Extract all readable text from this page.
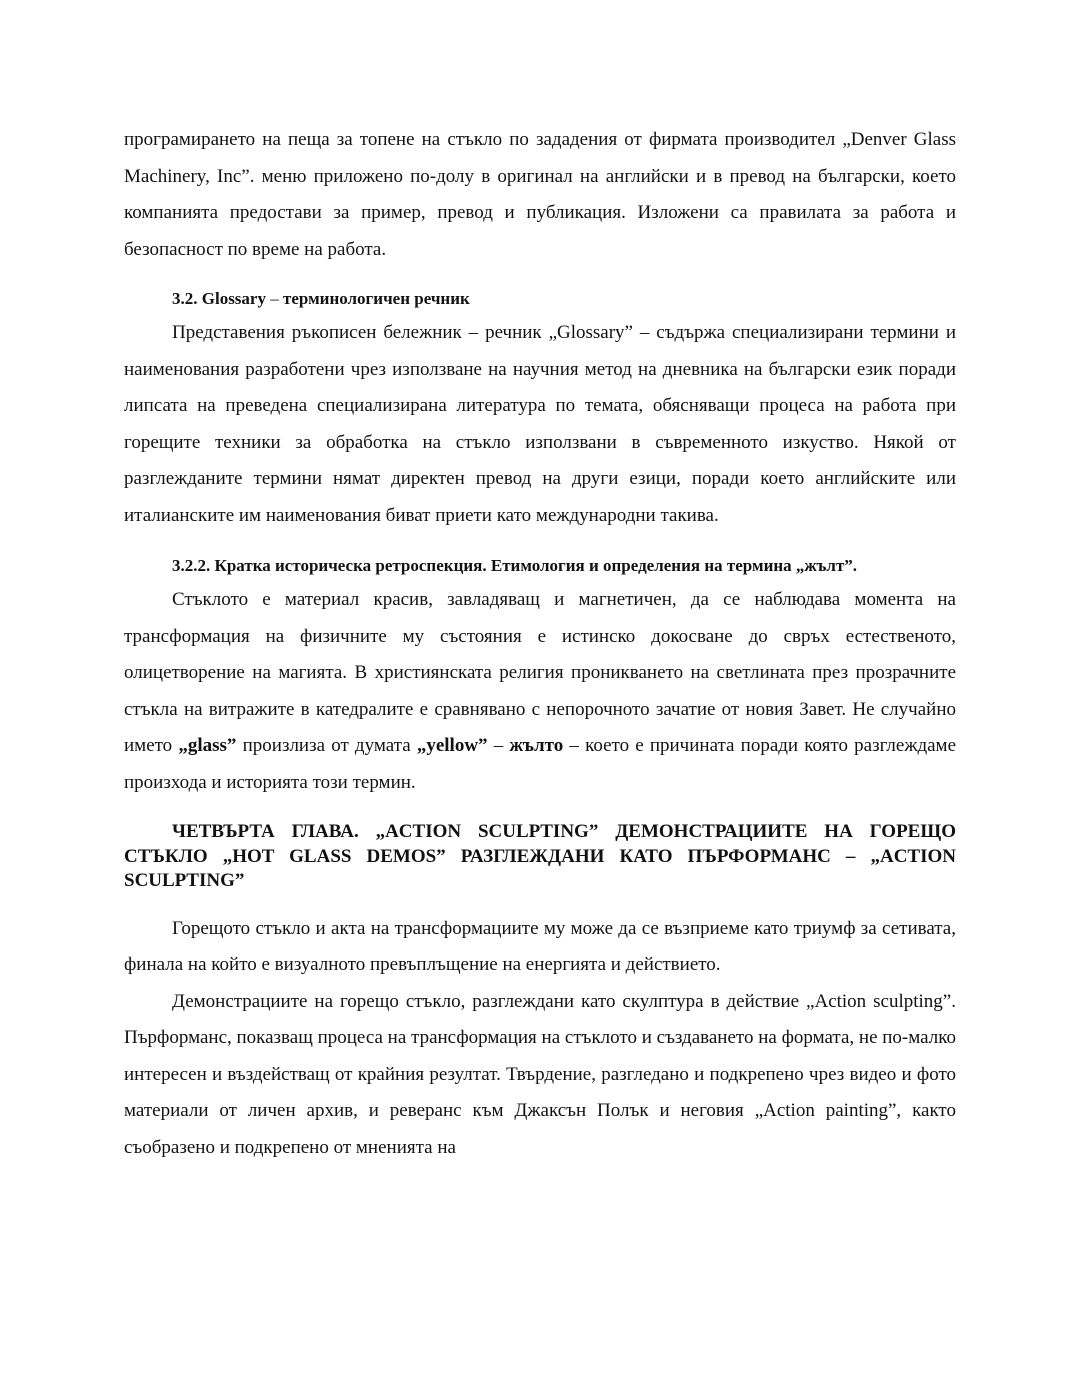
програмирането на пеща за топене на стъкло по зададения от фирмата производител „Denver Glass Machinery, Inc”. меню приложено по-долу в оригинал на английски и в превод на български, което компанията предостави за пример, превод и публикация. Изложени са правилата за работа и безопасност по време на работа.

3.2. Glossary – терминологичен речник

Представения ръкописен бележник – речник „Glossary” – съдържа специализирани термини и наименования разработени чрез използване на научния метод на дневника на български език поради липсата на преведена специализирана литература по темата, обясняващи процеса на работа при горещите техники за обработка на стъкло използвани в съвременното изкуство. Някой от разглежданите термини нямат директен превод на други езици, поради което английските или италианските им наименования биват приети като международни такива.

3.2.2. Кратка историческа ретроспекция. Етимология и определения на термина „жълт”.

Стъклото е материал красив, завладяващ и магнетичен, да се наблюдава момента на трансформация на физичните му състояния е истинско докосване до свръх естественото, олицетворение на магията. В християнската религия проникването на светлината през прозрачните стъкла на витражите в катедралите е сравнявано с непорочното зачатие от новия Завет. Не случайно името „glass” произлиза от думата „yellow” – жълто – което е причината поради която разглеждаме произхода и историята този термин.

ЧЕТВЪРТА ГЛАВА. „ACTION SCULPTING” ДЕМОНСТРАЦИИТЕ НА ГОРЕЩО СТЪКЛО „HOT GLASS DEMOS” РАЗГЛЕЖДАНИ КАТО ПЪРФОРМАНС – „ACTION SCULPTING”

Горещото стъкло и акта на трансформациите му може да се възприеме като триумф за сетивата, финала на който е визуалното превъплъщение на енергията и действието.

Демонстрациите на горещо стъкло, разглеждани като скулптура в действие „Action sculpting”. Пърформанс, показващ процеса на трансформация на стъклото и създаването на формата, не по-малко интересен и въздействащ от крайния резултат. Твърдение, разгледано и подкрепено чрез видео и фото материали от личен архив, и реверанс към Джаксън Полък и неговия „Action painting”, както съобразено и подкрепено от мненията на
